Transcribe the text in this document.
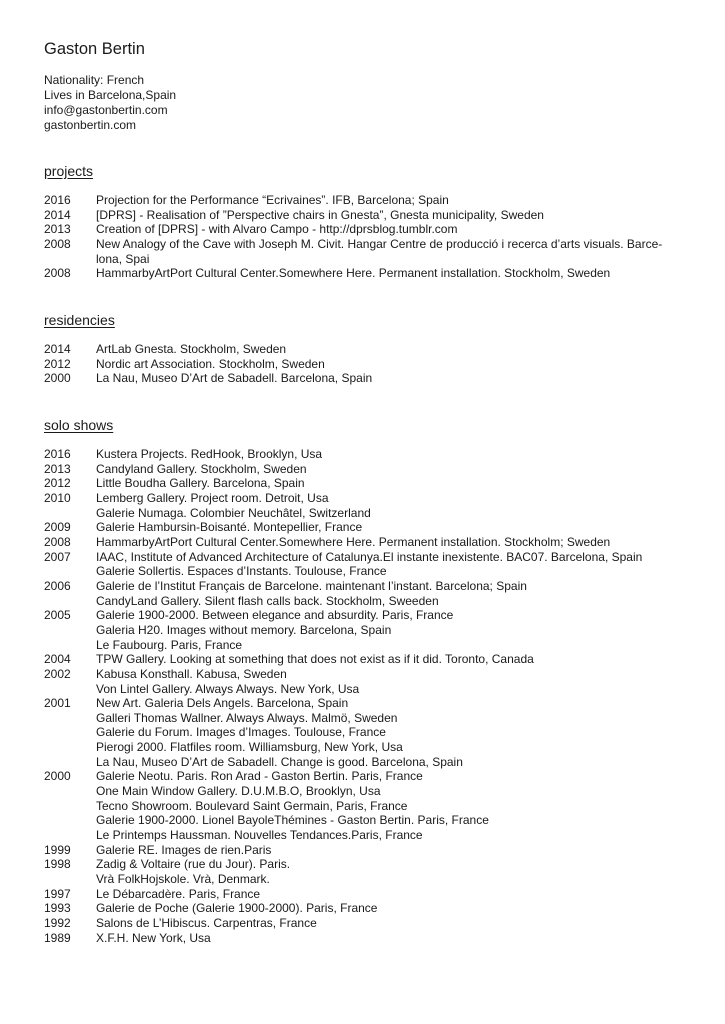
Gaston Bertin
Nationality: French
Lives in Barcelona,Spain
info@gastonbertin.com
gastonbertin.com
projects
2016	Projection for the Performance “Ecrivaines”. IFB, Barcelona; Spain
2014	[DPRS] - Realisation of ”Perspective chairs in Gnesta”, Gnesta municipality, Sweden
2013	Creation of [DPRS] - with Alvaro Campo - http://dprsblog.tumblr.com
2008	New Analogy of the Cave with Joseph M. Civit. Hangar Centre de producció i recerca d’arts visuals. Barce-
lona, Spai
2008	HammarbyArtPort Cultural Center.Somewhere Here. Permanent installation. Stockholm, Sweden
residencies
2014	ArtLab Gnesta. Stockholm, Sweden
2012	Nordic art Association. Stockholm, Sweden
2000	La Nau, Museo D’Art de Sabadell. Barcelona, Spain
solo shows
2016	Kustera Projects. RedHook, Brooklyn, Usa
2013	Candyland Gallery. Stockholm, Sweden
2012	Little Boudha Gallery. Barcelona, Spain
2010	Lemberg Gallery. Project room. Detroit, Usa
Galerie Numaga. Colombier Neuchâtel, Switzerland
2009	Galerie Hambursin-Boisanté. Montepellier, France
2008	HammarbyArtPort Cultural Center.Somewhere Here. Permanent installation. Stockholm; Sweden
2007	IAAC, Institute of Advanced Architecture of Catalunya.El instante inexistente. BAC07. Barcelona, Spain
Galerie Sollertis. Espaces d’Instants. Toulouse, France
2006	Galerie de l’Institut Français de Barcelone. maintenant l’instant. Barcelona; Spain
CandyLand Gallery. Silent flash calls back. Stockholm, Sweeden
2005	Galerie 1900-2000. Between elegance and absurdity. Paris, France
Galeria H20. Images without memory. Barcelona, Spain
Le Faubourg. Paris, France
2004	TPW Gallery. Looking at something that does not exist as if it did. Toronto, Canada
2002	Kabusa Konsthall. Kabusa, Sweden
Von Lintel Gallery. Always Always. New York, Usa
2001	New Art. Galeria Dels Angels. Barcelona, Spain
Galleri Thomas Wallner. Always Always. Malmö, Sweden
Galerie du Forum. Images d’Images. Toulouse, France
Pierogi 2000. Flatfiles room. Williamsburg, New York, Usa
La Nau, Museo D’Art de Sabadell. Change is good. Barcelona, Spain
2000	Galerie Neotu. Paris. Ron Arad - Gaston Bertin. Paris, France
One Main Window Gallery. D.U.M.B.O, Brooklyn, Usa
Tecno Showroom. Boulevard Saint Germain, Paris, France
Galerie 1900-2000. Lionel BayoleThémines - Gaston Bertin. Paris, France
Le Printemps Haussman. Nouvelles Tendances.Paris, France
1999	Galerie RE. Images de rien.Paris
1998	Zadig & Voltaire (rue du Jour). Paris.
Vrà FolkHojskole. Vrà, Denmark.
1997	Le Débarcadère. Paris, France
1993	Galerie de Poche (Galerie 1900-2000). Paris, France
1992	Salons de L’Hibiscus. Carpentras, France
1989	X.F.H. New York, Usa
